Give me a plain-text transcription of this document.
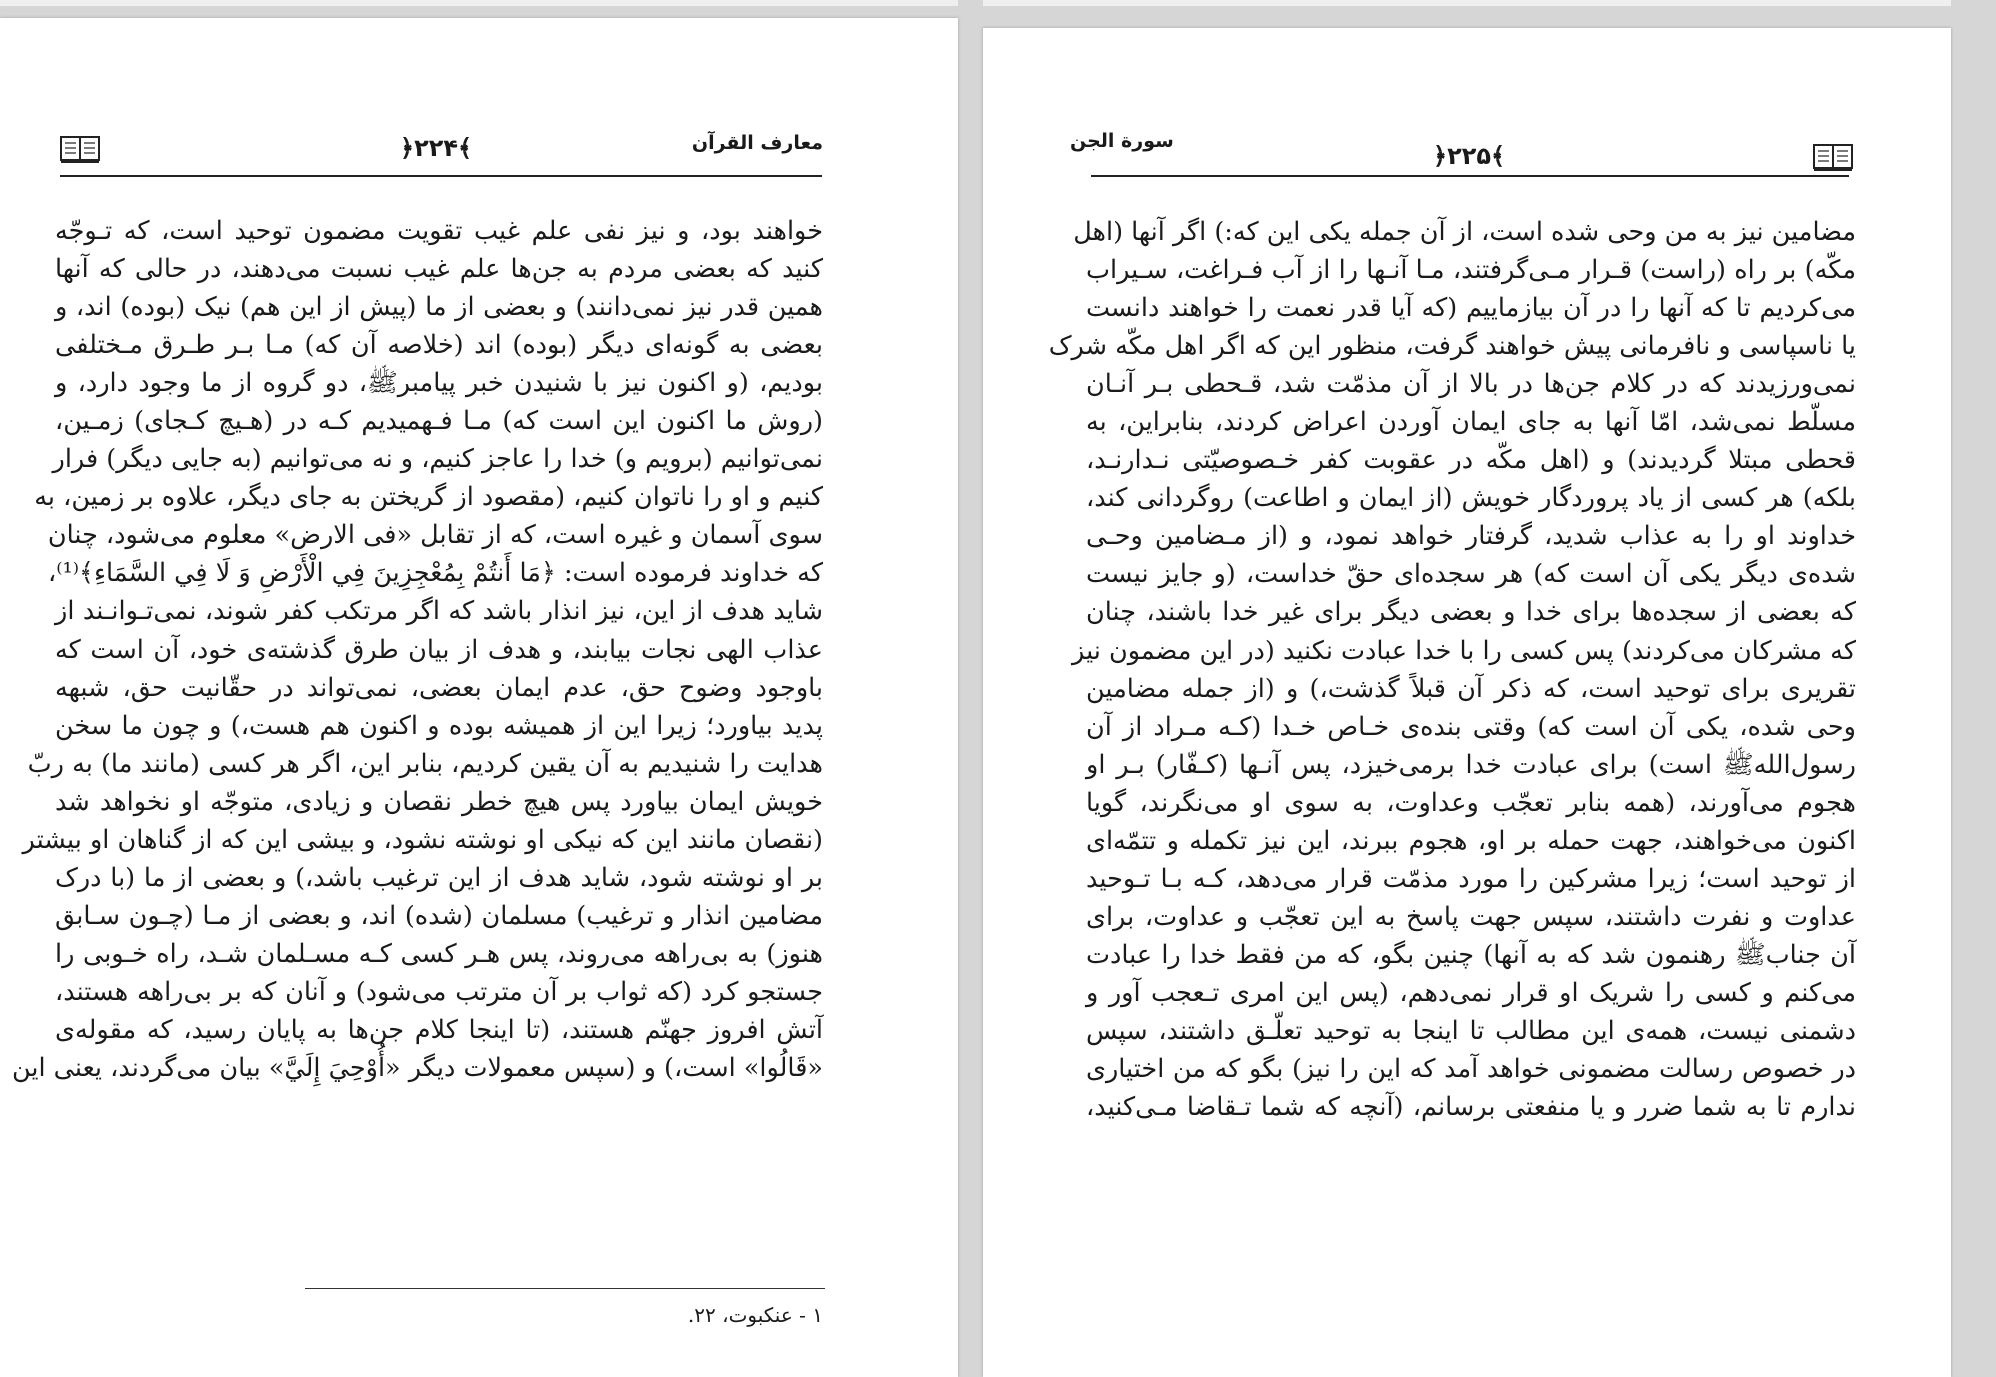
معارف القرآن
﴿۲۲۴﴾
خواهند بود، و نیز نفی علم غیب تقویت مضمون توحید است، که تـوجّه
کنید که بعضی مردم به جن‌ها علم غیب نسبت می‌دهند، در حالی که آنها
همین قدر نیز نمی‌دانند) و بعضی از ما (پیش از این هم) نیک (بوده) اند، و
بعضی به گونه‌ای دیگر (بوده) اند (خلاصه آن که) مـا بـر طـرق مـختلفی
بودیم، (و اکنون نیز با شنیدن خبر پیامبرﷺ، دو گروه از ما وجود دارد، و
(روش ما اکنون این است که) مـا فـهمیدیم کـه در (هـیچ کـجای) زمـین،
نمی‌توانیم (برویم و) خدا را عاجز کنیم، و نه می‌توانیم (به جایی دیگر) فرار
کنیم و او را ناتوان کنیم، (مقصود از گریختن به جای دیگر، علاوه بر زمین، به
سوی آسمان و غیره است، که از تقابل «فی الارض» معلوم می‌شود، چنان
که خداوند فرموده است: ﴿مَا أَنتُمْ بِمُعْجِزِينَ فِي الْأَرْضِ وَ لَا فِي السَّمَاءِ﴾⁽¹⁾،
شاید هدف از این، نیز انذار باشد که اگر مرتکب کفر شوند، نمی‌تـوانـند از
عذاب الهی نجات بیابند، و هدف از بیان طرق گذشته‌ی خود، آن است که
باوجود وضوح حق، عدم ایمان بعضی، نمی‌تواند در حقّانیت حق، شبهه
پدید بیاورد؛ زیرا این از همیشه بوده و اکنون هم هست،) و چون ما سخن
هدایت را شنیدیم به آن یقین کردیم، بنابر این، اگر هر کسی (مانند ما) به ربّ
خویش ایمان بیاورد پس هیچ خطر نقصان و زیادی، متوجّه او نخواهد شد
(نقصان مانند این که نیکی او نوشته نشود، و بیشی این که از گناهان او بیشتر
بر او نوشته شود، شاید هدف از این ترغیب باشد،) و بعضی از ما (با درک
مضامین انذار و ترغیب) مسلمان (شده) اند، و بعضی از مـا (چـون سـابق
هنوز) به بی‌راهه می‌روند، پس هـر کسی کـه مسـلمان شـد، راه خـوبی را
جستجو کرد (که ثواب بر آن مترتب می‌شود) و آنان که بر بی‌راهه هستند،
آتش افروز جهنّم هستند، (تا اینجا کلام جن‌ها به پایان رسید، که مقوله‌ی
«قَالُوا» است،) و (سپس معمولات دیگر «أُوْحِيَ إِلَيَّ» بیان می‌گردند، یعنی این
۱ - عنکبوت، ۲۲.
سورة الجن
﴿۲۲۵﴾
مضامین نیز به من وحی شده است، از آن جمله یکی این که:) اگر آنها (اهل
مکّه) بر راه (راست) قـرار مـی‌گرفتند، مـا آنـها را از آب فـراغت، سـیراب
می‌کردیم تا که آنها را در آن بیازماییم (که آیا قدر نعمت را خواهند دانست
یا ناسپاسی و نافرمانی پیش خواهند گرفت، منظور این که اگر اهل مکّه شرک
نمی‌ورزیدند که در کلام جن‌ها در بالا از آن مذمّت شد، قـحطی بـر آنـان
مسلّط نمی‌شد، امّا آنها به جای ایمان آوردن اعراض کردند، بنابراین، به
قحطی مبتلا گردیدند) و (اهل مکّه در عقوبت کفر خـصوصیّتی نـدارنـد،
بلکه) هر کسی از یاد پروردگار خویش (از ایمان و اطاعت) روگردانی کند،
خداوند او را به عذاب شدید، گرفتار خواهد نمود، و (از مـضامین وحـی
شده‌ی دیگر یکی آن است که) هر سجده‌ای حقّ خداست، (و جایز نیست
که بعضی از سجده‌ها برای خدا و بعضی دیگر برای غیر خدا باشند، چنان
که مشرکان می‌کردند) پس کسی را با خدا عبادت نکنید (در این مضمون نیز
تقریری برای توحید است، که ذکر آن قبلاً گذشت،) و (از جمله مضامین
وحی شده، یکی آن است که) وقتی بنده‌ی خـاص خـدا (کـه مـراد از آن
رسول‌اللهﷺ است) برای عبادت خدا برمی‌خیزد، پس آنـها (کـفّار) بـر او
هجوم می‌آورند، (همه بنابر تعجّب وعداوت، به سوی او می‌نگرند، گویا
اکنون می‌خواهند، جهت حمله بر او، هجوم ببرند، این نیز تکمله و تتمّه‌ای
از توحید است؛ زیرا مشرکین را مورد مذمّت قرار می‌دهد، کـه بـا تـوحید
عداوت و نفرت داشتند، سپس جهت پاسخ به این تعجّب و عداوت، برای
آن جنابﷺ رهنمون شد که به آنها) چنین بگو، که من فقط خدا را عبادت
می‌کنم و کسی را شریک او قرار نمی‌دهم، (پس این امری تـعجب آور و
دشمنی نیست، همه‌ی این مطالب تا اینجا به توحید تعلّـق داشتند، سپس
در خصوص رسالت مضمونی خواهد آمد که این را نیز) بگو که من اختیاری
ندارم تا به شما ضرر و یا منفعتی برسانم، (آنچه که شما تـقاضا مـی‌کنید،
